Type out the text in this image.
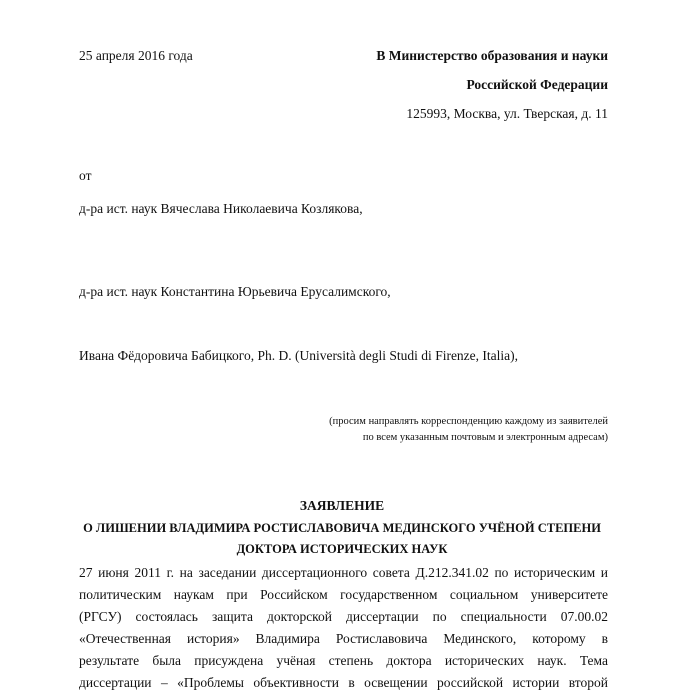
25 апреля 2016 года	В Министерство образования и науки
Российской Федерации
125993, Москва, ул. Тверская, д. 11
от
д-ра ист. наук Вячеслава Николаевича Козлякова,
д-ра ист. наук Константина Юрьевича Ерусалимского,
Ивана Фёдоровича Бабицкого, Ph. D. (Università degli Studi di Firenze, Italia),
(просим направлять корреспонденцию каждому из заявителей
по всем указанным почтовым и электронным адресам)
ЗАЯВЛЕНИЕ
О ЛИШЕНИИ ВЛАДИМИРА РОСТИСЛАВОВИЧА МЕДИНСКОГО УЧЁНОЙ СТЕПЕНИ
ДОКТОРА ИСТОРИЧЕСКИХ НАУК
27 июня 2011 г. на заседании диссертационного совета Д.212.341.02 по историческим и
политическим наукам при Российском государственном социальном университете
(РГСУ) состоялась защита докторской диссертации по специальности 07.00.02
«Отечественная история» Владимира Ростиславовича Мединского, которому в
результате была присуждена учёная степень доктора исторических наук. Тема
диссертации – «Проблемы объективности в освещении российской истории второй
